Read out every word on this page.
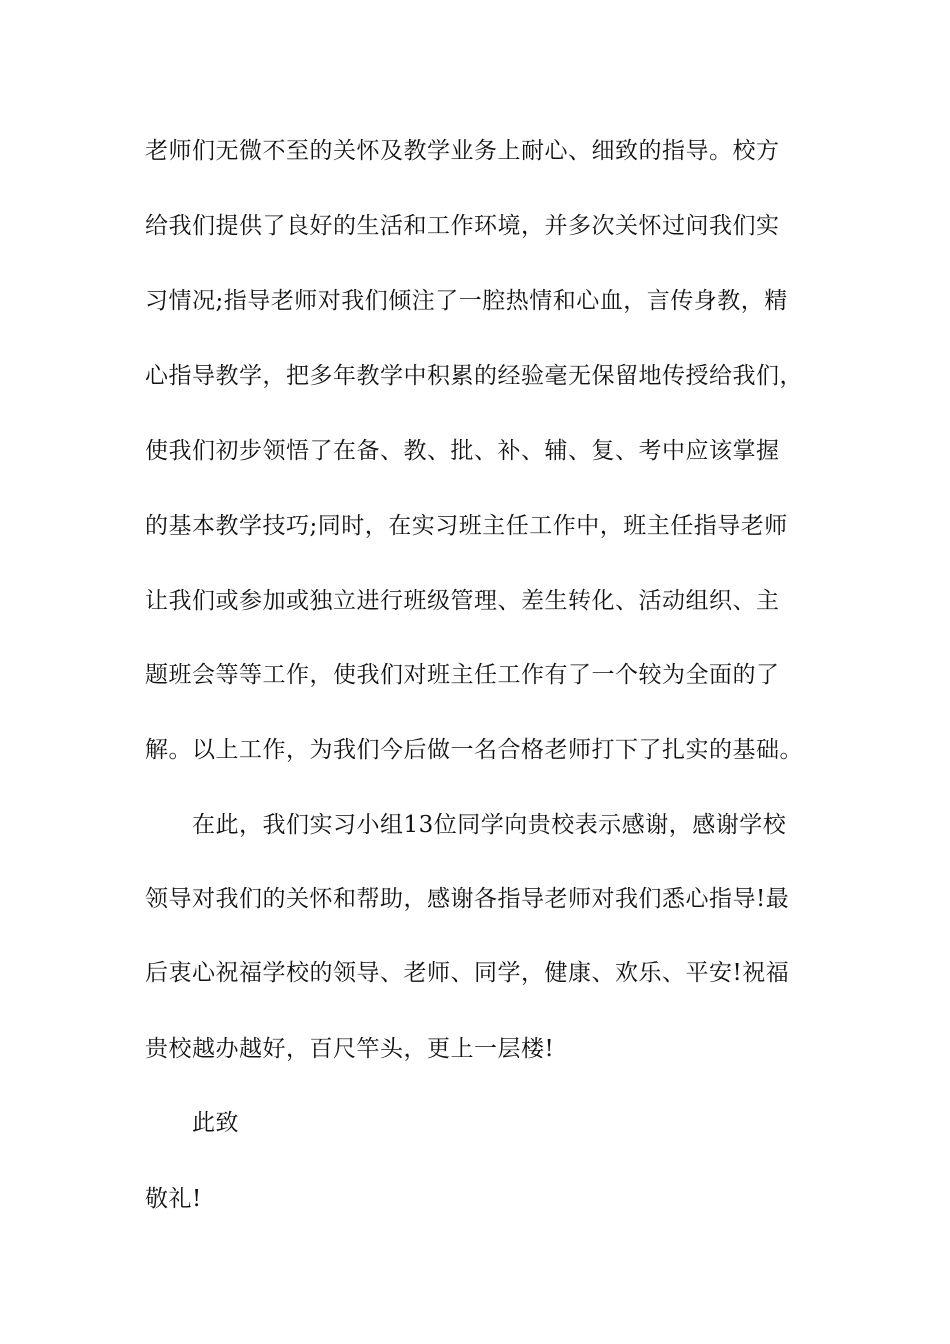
老师们无微不至的关怀及教学业务上耐心、细致的指导。校方
给我们提供了良好的生活和工作环境，并多次关怀过问我们实
习情况;指导老师对我们倾注了一腔热情和心血，言传身教，精
心指导教学，把多年教学中积累的经验毫无保留地传授给我们，
使我们初步领悟了在备、教、批、补、辅、复、考中应该掌握
的基本教学技巧;同时，在实习班主任工作中，班主任指导老师
让我们或参加或独立进行班级管理、差生转化、活动组织、主
题班会等等工作，使我们对班主任工作有了一个较为全面的了
解。以上工作，为我们今后做一名合格老师打下了扎实的基础。
在此，我们实习小组13位同学向贵校表示感谢，感谢学校
领导对我们的关怀和帮助，感谢各指导老师对我们悉心指导!最
后衷心祝福学校的领导、老师、同学，健康、欢乐、平安!祝福
贵校越办越好，百尺竿头，更上一层楼!
此致
敬礼!
